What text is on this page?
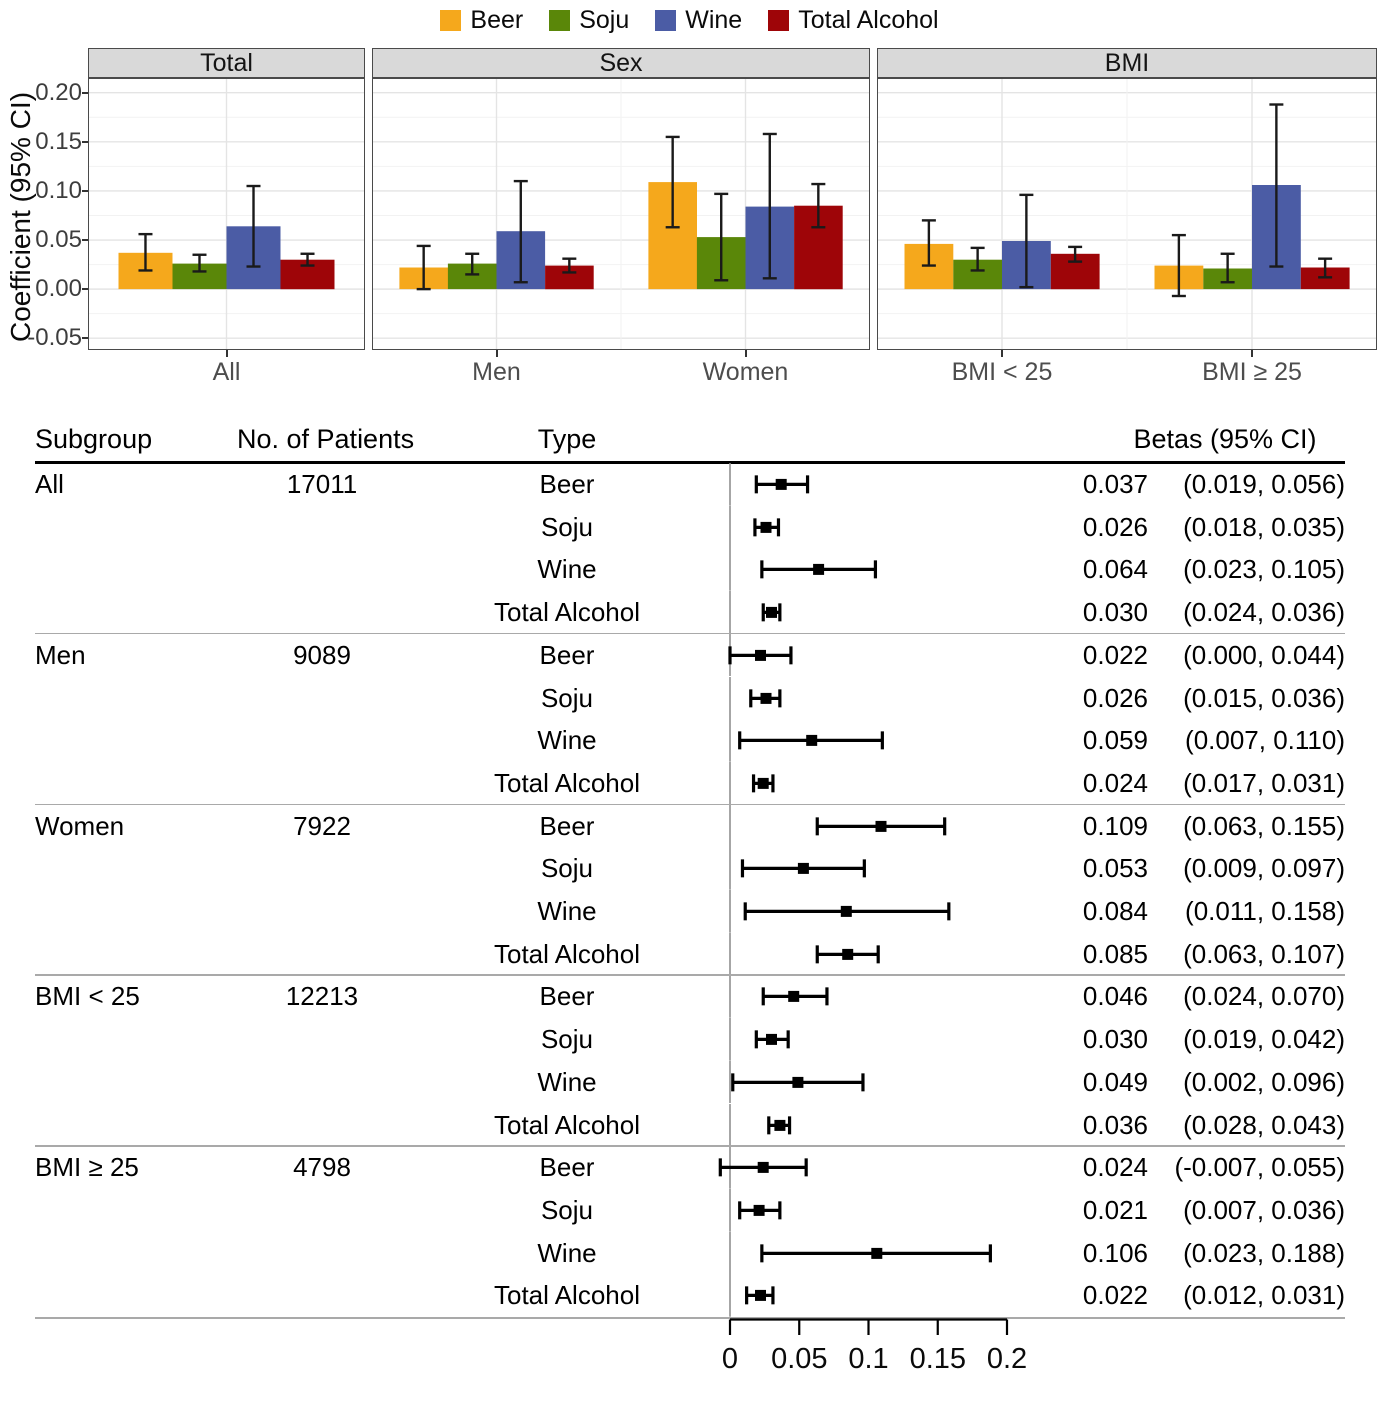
Beer Soju Wine Total Alcohol
Coefficient (95% CI) 0.20
0.15
0.10
0.05
0.00
-0.05
Total
All
Sex
Men	Women
BMI
BMI < 25	BMI ≥ 25
Subgroup	No. of Patients	Type	Betas (95% CI)
All	17011	Beer	0.037	(0.019, 0.056)
Soju	0.026	(0.018, 0.035)
Wine	0.064	(0.023, 0.105)
Total Alcohol	0.030	(0.024, 0.036)
Men	9089	Beer	0.022	(0.000, 0.044)
Soju	0.026	(0.015, 0.036)
Wine	0.059	(0.007, 0.110)
Total Alcohol	0.024	(0.017, 0.031)
Women	7922	Beer	0.109	(0.063, 0.155)
Soju	0.053	(0.009, 0.097)
Wine	0.084	(0.011, 0.158)
Total Alcohol	0.085	(0.063, 0.107)
BMI < 25	12213	Beer	0.046	(0.024, 0.070)
Soju	0.030	(0.019, 0.042)
Wine	0.049	(0.002, 0.096)
Total Alcohol	0.036	(0.028, 0.043)
BMI ≥ 25	4798	Beer	0.024	(-0.007, 0.055)
Soju	0.021	(0.007, 0.036)
Wine	0.106	(0.023, 0.188)
Total Alcohol	0.022	(0.012, 0.031)
0	0.05 0.1 0.15 0.2
